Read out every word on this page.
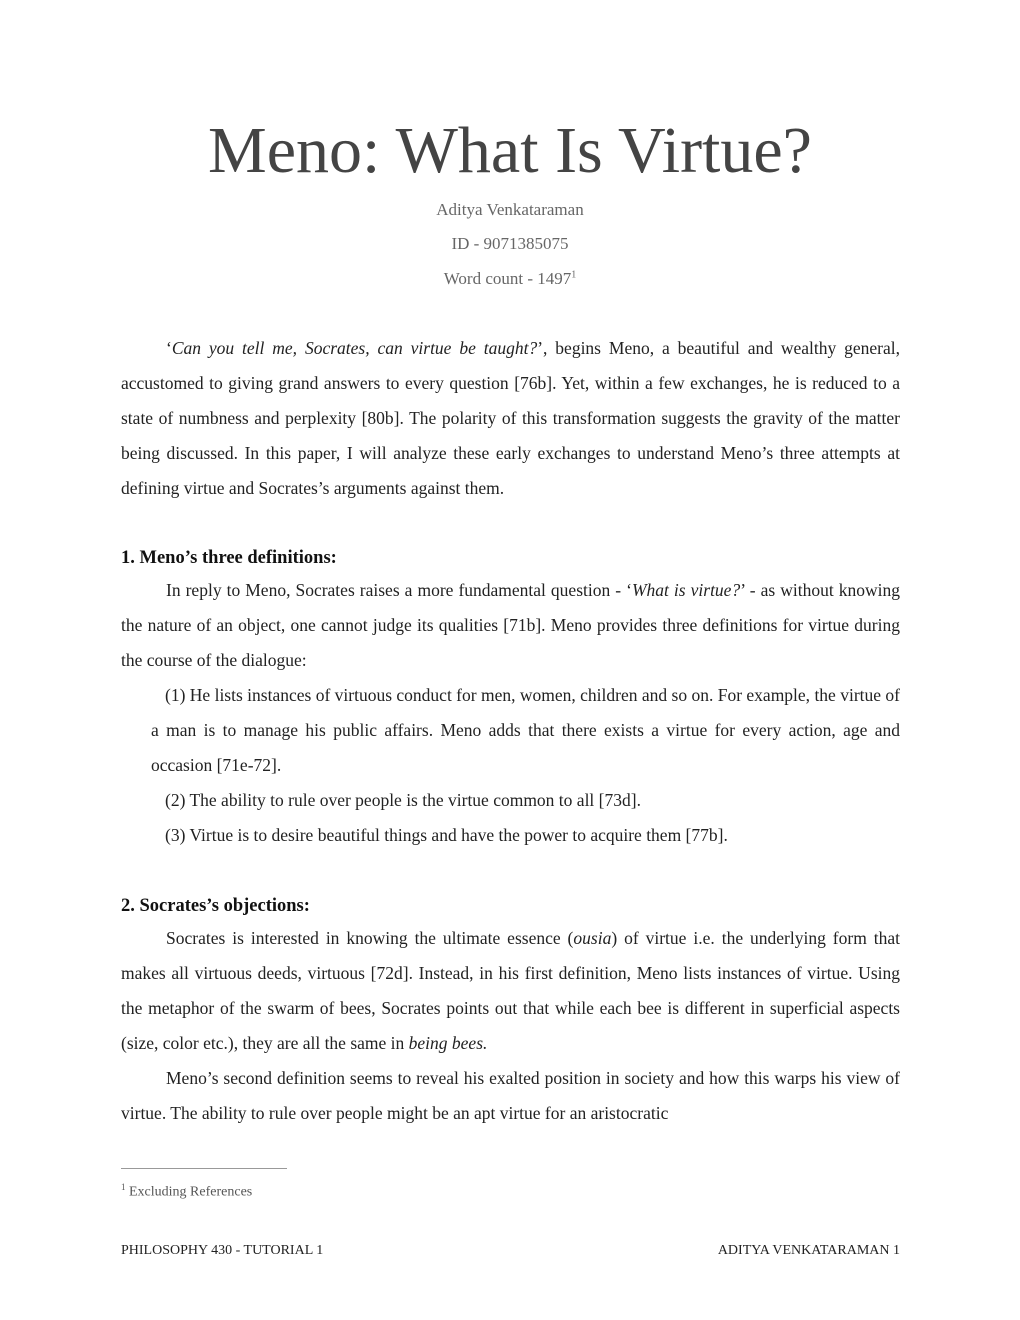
Meno: What Is Virtue?
Aditya Venkataraman
ID - 9071385075
Word count - 1497$^1$

‘Can you tell me, Socrates, can virtue be taught?’, begins Meno, a beautiful and wealthy general, accustomed to giving grand answers to every question [76b]. Yet, within a few exchanges, he is reduced to a state of numbness and perplexity [80b]. The polarity of this transformation suggests the gravity of the matter being discussed. In this paper, I will analyze these early exchanges to understand Meno’s three attempts at defining virtue and Socrates’s arguments against them.

1. Meno’s three definitions:

In reply to Meno, Socrates raises a more fundamental question - ‘What is virtue?’ - as without knowing the nature of an object, one cannot judge its qualities [71b]. Meno provides three definitions for virtue during the course of the dialogue:

(1) He lists instances of virtuous conduct for men, women, children and so on. For example, the virtue of a man is to manage his public affairs. Meno adds that there exists a virtue for every action, age and occasion [71e-72].

(2) The ability to rule over people is the virtue common to all [73d].

(3) Virtue is to desire beautiful things and have the power to acquire them [77b].

2. Socrates’s objections:

Socrates is interested in knowing the ultimate essence (ousia) of virtue i.e. the underlying form that makes all virtuous deeds, virtuous [72d]. Instead, in his first definition, Meno lists instances of virtue. Using the metaphor of the swarm of bees, Socrates points out that while each bee is different in superficial aspects (size, color etc.), they are all the same in being bees.

Meno’s second definition seems to reveal his exalted position in society and how this warps his view of virtue. The ability to rule over people might be an apt virtue for an aristocratic

$^1$ Excluding References
PHILOSOPHY 430 - TUTORIAL 1	ADITYA VENKATARAMAN 1
